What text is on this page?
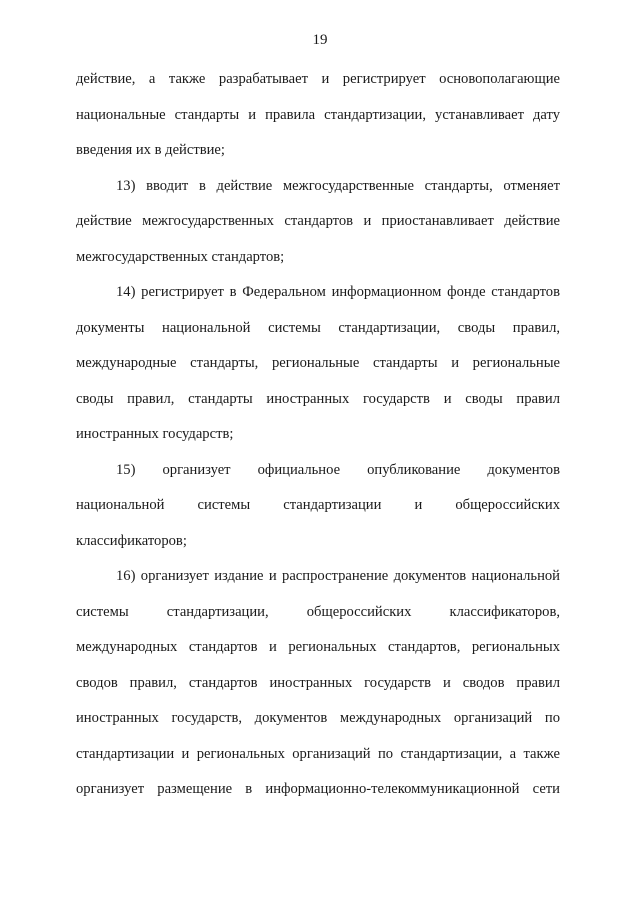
19
действие, а также разрабатывает и регистрирует основополагающие
национальные стандарты и правила стандартизации, устанавливает дату
введения их в действие;
13) вводит в действие межгосударственные стандарты, отменяет
действие межгосударственных стандартов и приостанавливает действие
межгосударственных стандартов;
14) регистрирует в Федеральном информационном фонде стандартов
документы национальной системы стандартизации, своды правил,
международные стандарты, региональные стандарты и региональные
своды правил, стандарты иностранных государств и своды правил
иностранных государств;
15) организует официальное опубликование документов
национальной системы стандартизации и общероссийских
классификаторов;
16) организует издание и распространение документов национальной
системы стандартизации, общероссийских классификаторов,
международных стандартов и региональных стандартов, региональных
сводов правил, стандартов иностранных государств и сводов правил
иностранных государств, документов международных организаций по
стандартизации и региональных организаций по стандартизации, а также
организует размещение в информационно-телекоммуникационной сети
